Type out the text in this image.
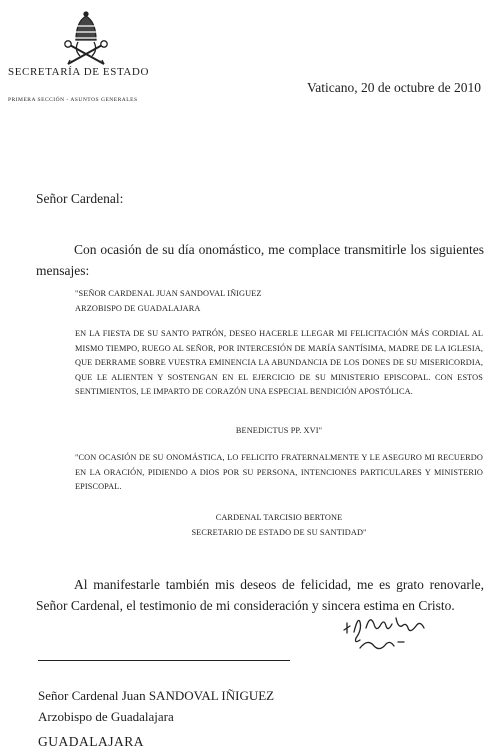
SECRETARÍA DE ESTADO
PRIMERA SECCIÓN - ASUNTOS GENERALES
Vaticano, 20 de octubre de 2010
Señor Cardenal:
Con ocasión de su día onomástico, me complace transmitirle los siguientes mensajes:
"SEÑOR CARDENAL JUAN SANDOVAL IÑIGUEZ
ARZOBISPO DE GUADALAJARA
EN LA FIESTA DE SU SANTO PATRÓN, DESEO HACERLE LLEGAR MI FELICITACIÓN MÁS CORDIAL AL MISMO TIEMPO, RUEGO AL SEÑOR, POR INTERCESIÓN DE MARÍA SANTÍSIMA, MADRE DE LA IGLESIA, QUE DERRAME SOBRE VUESTRA EMINENCIA LA ABUNDANCIA DE LOS DONES DE SU MISERICORDIA, QUE LE ALIENTEN Y SOSTENGAN EN EL EJERCICIO DE SU MINISTERIO EPISCOPAL. CON ESTOS SENTIMIENTOS, LE IMPARTO DE CORAZÓN UNA ESPECIAL BENDICIÓN APOSTÓLICA.
BENEDICTUS PP. XVI"
"CON OCASIÓN DE SU ONOMÁSTICA, LO FELICITO FRATERNALMENTE Y LE ASEGURO MI RECUERDO EN LA ORACIÓN, PIDIENDO A DIOS POR SU PERSONA, INTENCIONES PARTICULARES Y MINISTERIO EPISCOPAL.
CARDENAL TARCISIO BERTONE
SECRETARIO DE ESTADO DE SU SANTIDAD"
Al manifestarle también mis deseos de felicidad, me es grato renovarle, Señor Cardenal, el testimonio de mi consideración y sincera estima en Cristo.
Señor Cardenal Juan SANDOVAL IÑIGUEZ
Arzobispo de Guadalajara
GUADALAJARA
